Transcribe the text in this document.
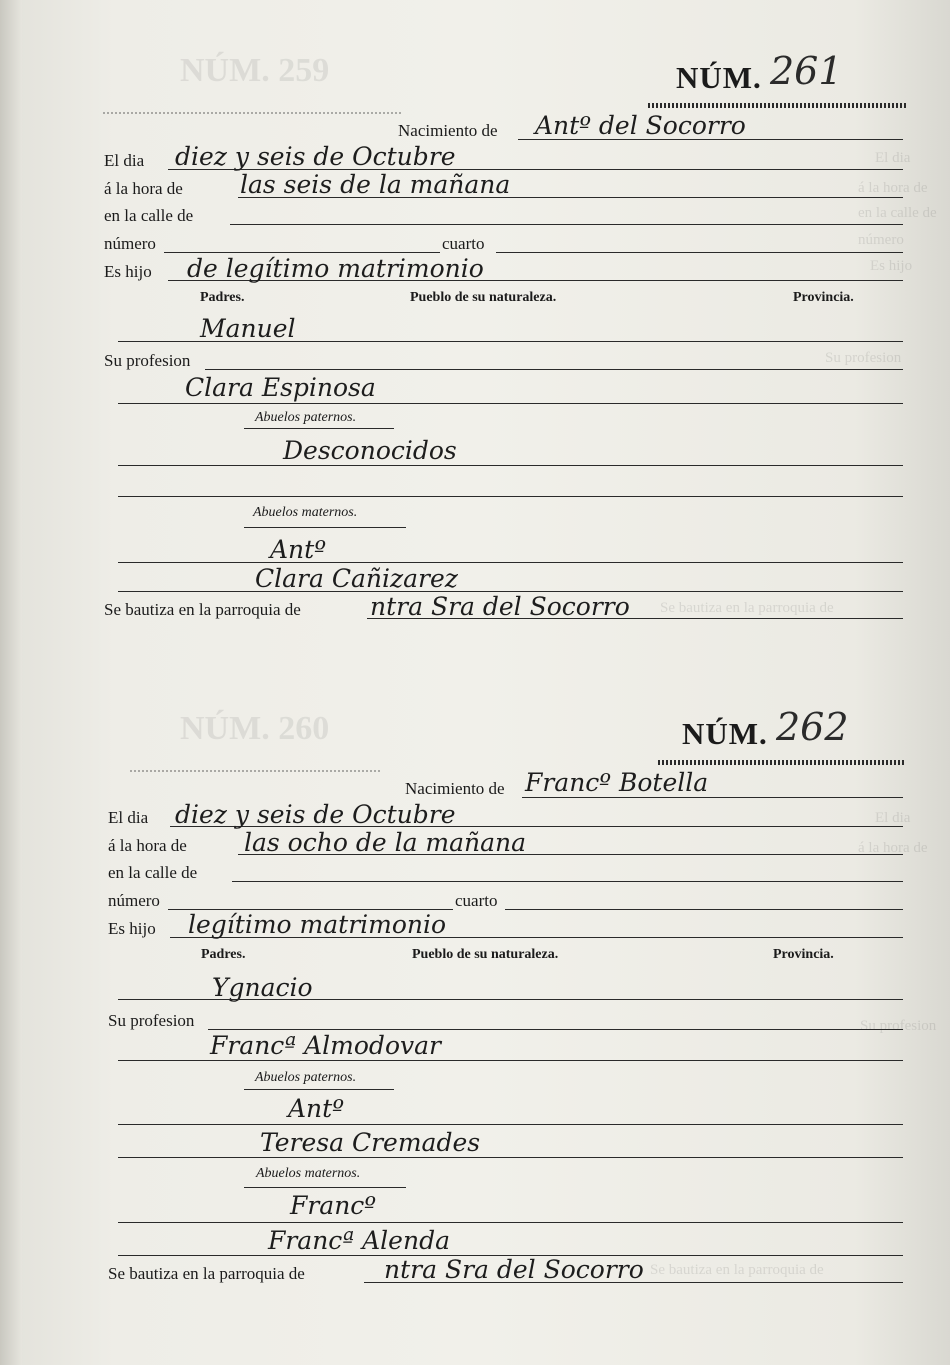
NÚM. 259
NÚM. 260
El dia
á la hora de
en la calle de
número
Es hijo
Su profesion
Se bautiza en la parroquia de
El dia
á la hora de
Su profesion
Se bautiza en la parroquia de
NÚM. 261
Nacimiento de Antº del Socorro
El dia diez y seis de Octubre
á la hora de las seis de la mañana
en la calle de
número	cuarto
Es hijo de legítimo matrimonio
Padres.	Pueblo de su naturaleza.	Provincia.
Manuel
Su profesion
Clara Espinosa
Abuelos paternos.
Desconocidos
Abuelos maternos.
Antº
Clara Cañizarez
Se bautiza en la parroquia de	ntra Sra del Socorro
NÚM. 262
Nacimiento de Francº Botella
El dia diez y seis de Octubre
á la hora de las ocho de la mañana
en la calle de
número	cuarto
Es hijo legítimo matrimonio
Padres.	Pueblo de su naturaleza.	Provincia.
Ygnacio
Su profesion
Francª Almodovar
Abuelos paternos.
Antº
Teresa Cremades
Abuelos maternos.
Francº
Francª Alenda
Se bautiza en la parroquia de	ntra Sra del Socorro
